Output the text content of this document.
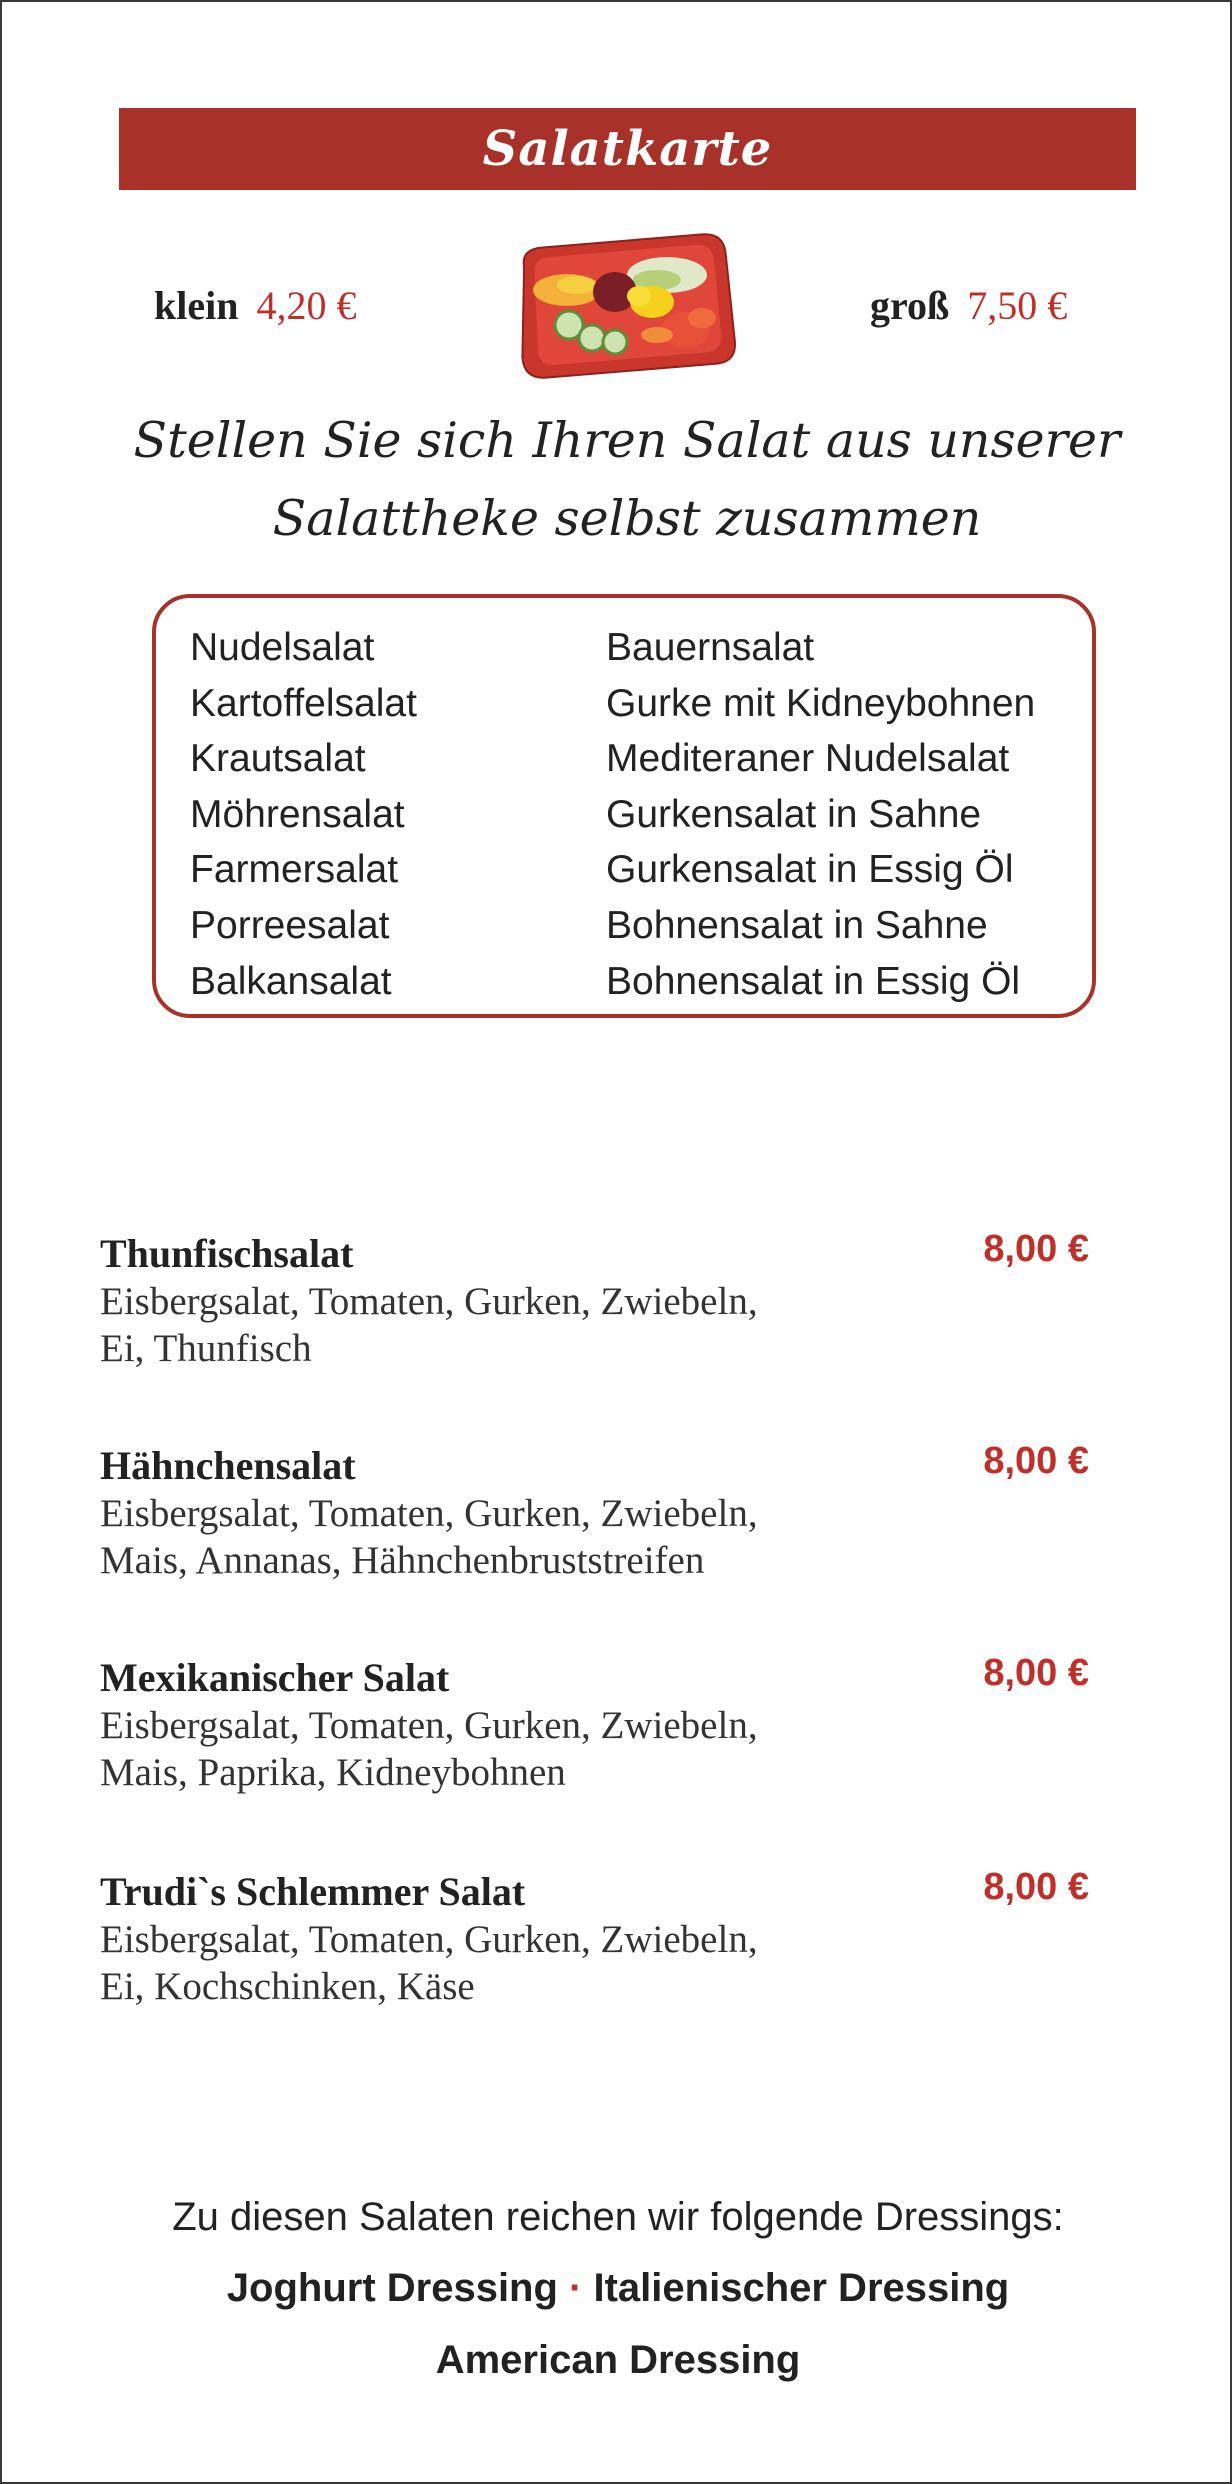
Salatkarte
klein 4,20 €	groß 7,50 €
Stellen Sie sich Ihren Salat aus unserer
Salattheke selbst zusammen
Nudelsalat
Kartoffelsalat
Krautsalat
Möhrensalat
Farmersalat
Porreesalat
Balkansalat
Bauernsalat
Gurke mit Kidneybohnen
Mediteraner Nudelsalat
Gurkensalat in Sahne
Gurkensalat in Essig Öl
Bohnensalat in Sahne
Bohnensalat in Essig Öl
Thunfischsalat	8,00 €
Eisbergsalat, Tomaten, Gurken, Zwiebeln,
Ei, Thunfisch
Hähnchensalat	8,00 €
Eisbergsalat, Tomaten, Gurken, Zwiebeln,
Mais, Annanas, Hähnchenbruststreifen
Mexikanischer Salat	8,00 €
Eisbergsalat, Tomaten, Gurken, Zwiebeln,
Mais, Paprika, Kidneybohnen
Trudi`s Schlemmer Salat	8,00 €
Eisbergsalat, Tomaten, Gurken, Zwiebeln,
Ei, Kochschinken, Käse
Zu diesen Salaten reichen wir folgende Dressings:
Joghurt Dressing · Italienischer Dressing
American Dressing
